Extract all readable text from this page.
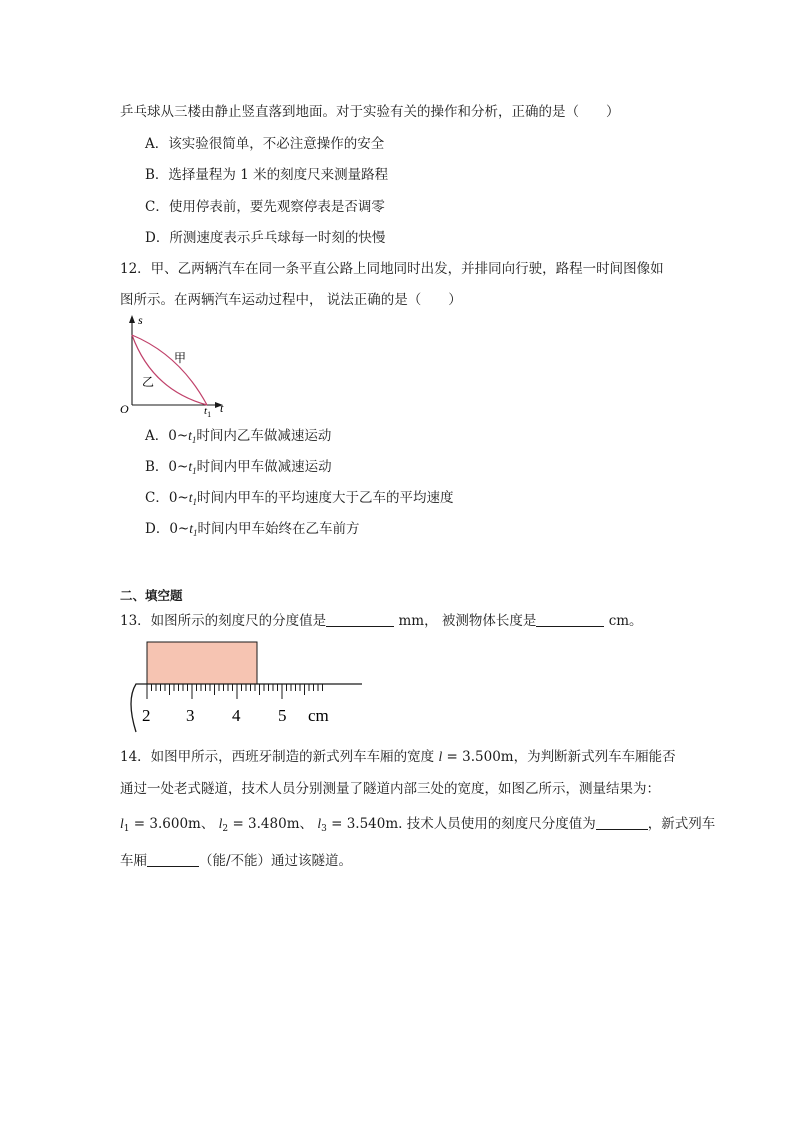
乒乓球从三楼由静止竖直落到地面。对于实验有关的操作和分析，正确的是（　　）
A．该实验很简单，不必注意操作的安全
B．选择量程为 1 米的刻度尺来测量路程
C．使用停表前，要先观察停表是否调零
D．所测速度表示乒乓球每一时刻的快慢
12．甲、乙两辆汽车在同一条平直公路上同地同时出发，并排同向行驶，路程一时间图像如
图所示。在两辆汽车运动过程中， 说法正确的是（　　）
s
t
O	$t_1$
甲
乙
A．$0\sim t_1$时间内乙车做减速运动
B．$0\sim t_1$时间内甲车做减速运动
C．$0\sim t_1$时间内甲车的平均速度大于乙车的平均速度
D．$0\sim t_1$时间内甲车始终在乙车前方
二、填空题
13．如图所示的刻度尺的分度值是	mm， 被测物体长度是	cm。
2 3 4 5 cm
14．如图甲所示，西班牙制造的新式列车车厢的宽度 l = 3.500m，为判断新式列车车厢能否
通过一处老式隧道，技术人员分别测量了隧道内部三处的宽度，如图乙所示，测量结果为：
$l_1 = 3.600m$、 $l_2 = 3.480m$、 $l_3 = 3.540m$. 技术人员使用的刻度尺分度值为	，新式列车
车厢	（能/不能）通过该隧道。
